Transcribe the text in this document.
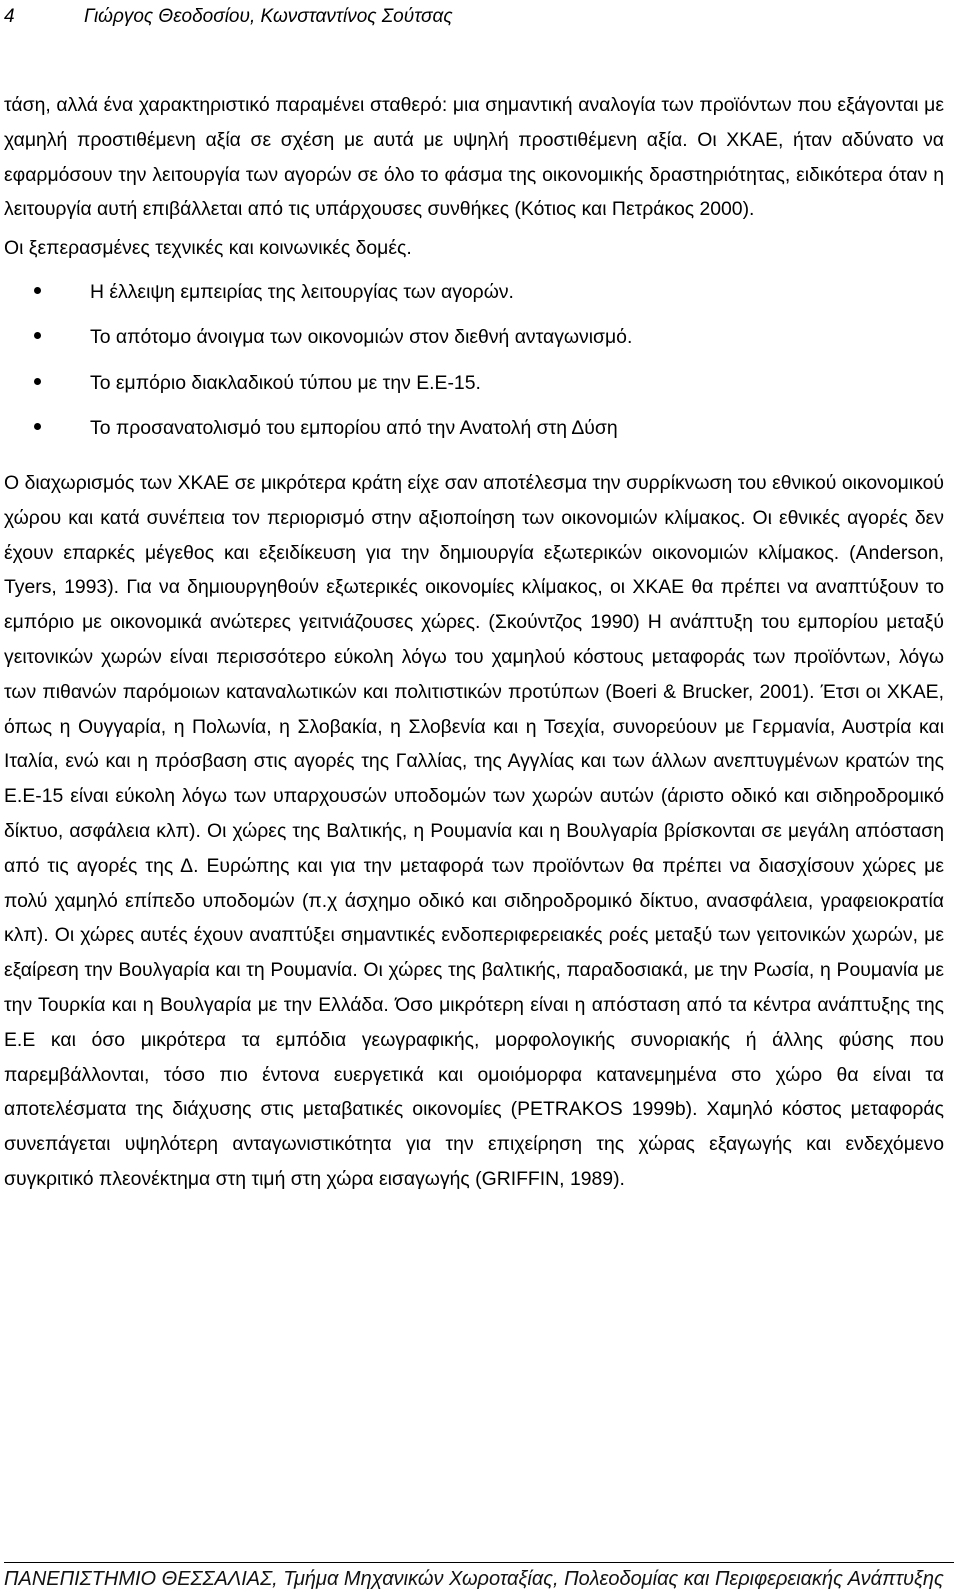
4	Γιώργος Θεοδοσίου, Κωνσταντίνος Σούτσας

τάση, αλλά ένα χαρακτηριστικό παραμένει σταθερό: μια σημαντική αναλογία των προϊόντων που εξάγονται με χαμηλή προστιθέμενη αξία σε σχέση με αυτά με υψηλή προστιθέμενη αξία. Οι ΧΚΑΕ, ήταν αδύνατο να εφαρμόσουν την λειτουργία των αγορών σε όλο το φάσμα της οικονομικής δραστηριότητας, ειδικότερα όταν η λειτουργία αυτή επιβάλλεται από τις υπάρχουσες συνθήκες (Κότιος και Πετράκος 2000).

Οι ξεπερασμένες τεχνικές και κοινωνικές δομές.

Η έλλειψη εμπειρίας της λειτουργίας των αγορών.
Το απότομο άνοιγμα των οικονομιών στον διεθνή ανταγωνισμό.
Το εμπόριο διακλαδικού τύπου με την Ε.Ε-15.
Το προσανατολισμό του εμπορίου από την Ανατολή στη Δύση

Ο διαχωρισμός των ΧΚΑΕ σε μικρότερα κράτη είχε σαν αποτέλεσμα την συρρίκνωση του εθνικού οικονομικού χώρου και κατά συνέπεια τον περιορισμό στην αξιοποίηση των οικονομιών κλίμακος. Οι εθνικές αγορές δεν έχουν επαρκές μέγεθος και εξειδίκευση για την δημιουργία εξωτερικών οικονομιών κλίμακος. (Anderson, Tyers, 1993). Για να δημιουργηθούν εξωτερικές οικονομίες κλίμακος, οι ΧΚΑΕ θα πρέπει να αναπτύξουν το εμπόριο με οικονομικά ανώτερες γειτνιάζουσες χώρες. (Σκούντζος 1990) Η ανάπτυξη του εμπορίου μεταξύ γειτονικών χωρών είναι περισσότερο εύκολη λόγω του χαμηλού κόστους μεταφοράς των προϊόντων, λόγω των πιθανών παρόμοιων καταναλωτικών και πολιτιστικών προτύπων (Boeri & Brucker, 2001). Έτσι οι ΧΚΑΕ, όπως η Ουγγαρία, η Πολωνία, η Σλοβακία, η Σλοβενία και η Τσεχία, συνορεύουν με Γερμανία, Αυστρία και Ιταλία, ενώ και η πρόσβαση στις αγορές της Γαλλίας, της Αγγλίας και των άλλων ανεπτυγμένων κρατών της Ε.Ε-15 είναι εύκολη λόγω των υπαρχουσών υποδομών των χωρών αυτών (άριστο οδικό και σιδηροδρομικό δίκτυο, ασφάλεια κλπ). Οι χώρες της Βαλτικής, η Ρουμανία και η Βουλγαρία βρίσκονται σε μεγάλη απόσταση από τις αγορές της Δ. Ευρώπης και για την μεταφορά των προϊόντων θα πρέπει να διασχίσουν χώρες με πολύ χαμηλό επίπεδο υποδομών (π.χ άσχημο οδικό και σιδηροδρομικό δίκτυο, ανασφάλεια, γραφειοκρατία κλπ). Οι χώρες αυτές έχουν αναπτύξει σημαντικές ενδοπεριφερειακές ροές μεταξύ των γειτονικών χωρών, με εξαίρεση την Βουλγαρία και τη Ρουμανία. Οι χώρες της βαλτικής, παραδοσιακά, με την Ρωσία, η Ρουμανία με την Τουρκία και η Βουλγαρία με την Ελλάδα. Όσο μικρότερη είναι η απόσταση από τα κέντρα ανάπτυξης της Ε.Ε και όσο μικρότερα τα εμπόδια γεωγραφικής, μορφολογικής συνοριακής ή άλλης φύσης που παρεμβάλλονται, τόσο πιο έντονα ευεργετικά και ομοιόμορφα κατανεμημένα στο χώρο θα είναι τα αποτελέσματα της διάχυσης στις μεταβατικές οικονομίες (PETRAKOS 1999b). Χαμηλό κόστος μεταφοράς συνεπάγεται υψηλότερη ανταγωνιστικότητα για την επιχείρηση της χώρας εξαγωγής και ενδεχόμενο συγκριτικό πλεονέκτημα στη τιμή στη χώρα εισαγωγής (GRIFFIN, 1989).

ΠΑΝΕΠΙΣΤΗΜΙΟ ΘΕΣΣΑΛΙΑΣ, Τμήμα Μηχανικών Χωροταξίας, Πολεοδομίας και Περιφερειακής Ανάπτυξης
